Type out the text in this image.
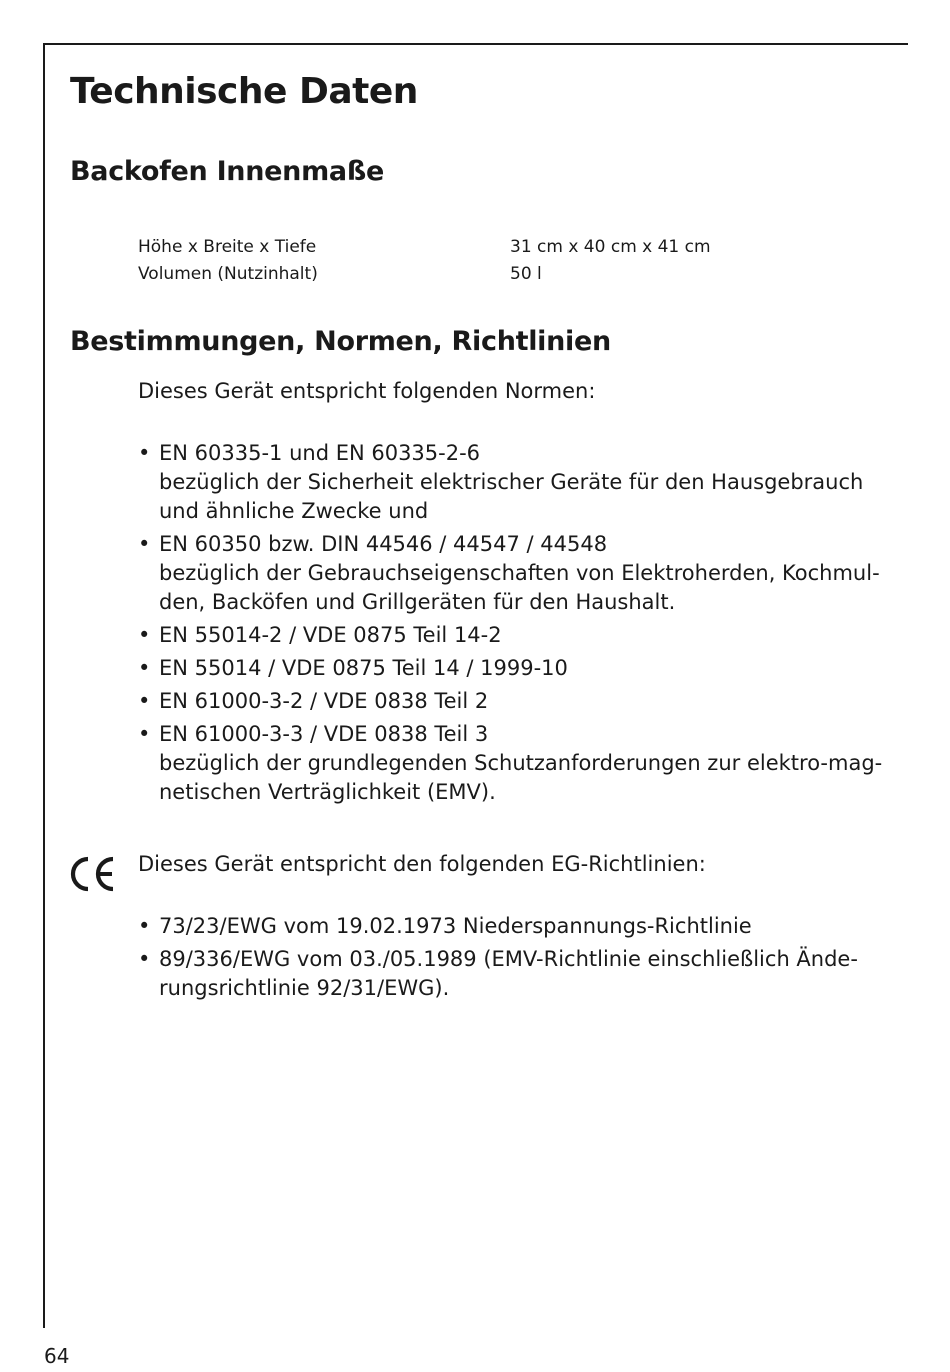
Technische Daten
Backofen Innenmaße
Höhe x Breite x Tiefe	31 cm x 40 cm x 41 cm
Volumen (Nutzinhalt)	50 l
Bestimmungen, Normen, Richtlinien

Dieses Gerät entspricht folgenden Normen:

• EN 60335-1 und EN 60335-2-6
bezüglich der Sicherheit elektrischer Geräte für den Hausgebrauch
und ähnliche Zwecke und
• EN 60350 bzw. DIN 44546 / 44547 / 44548
bezüglich der Gebrauchseigenschaften von Elektroherden, Kochmul-
den, Backöfen und Grillgeräten für den Haushalt.
• EN 55014-2 / VDE 0875 Teil 14-2
• EN 55014 / VDE 0875 Teil 14 / 1999-10
• EN 61000-3-2 / VDE 0838 Teil 2
• EN 61000-3-3 / VDE 0838 Teil 3
bezüglich der grundlegenden Schutzanforderungen zur elektro-mag-
netischen Verträglichkeit (EMV).

Dieses Gerät entspricht den folgenden EG-Richtlinien:

• 73/23/EWG vom 19.02.1973 Niederspannungs-Richtlinie
• 89/336/EWG vom 03./05.1989 (EMV-Richtlinie einschließlich Ände-
rungsrichtlinie 92/31/EWG).
64
